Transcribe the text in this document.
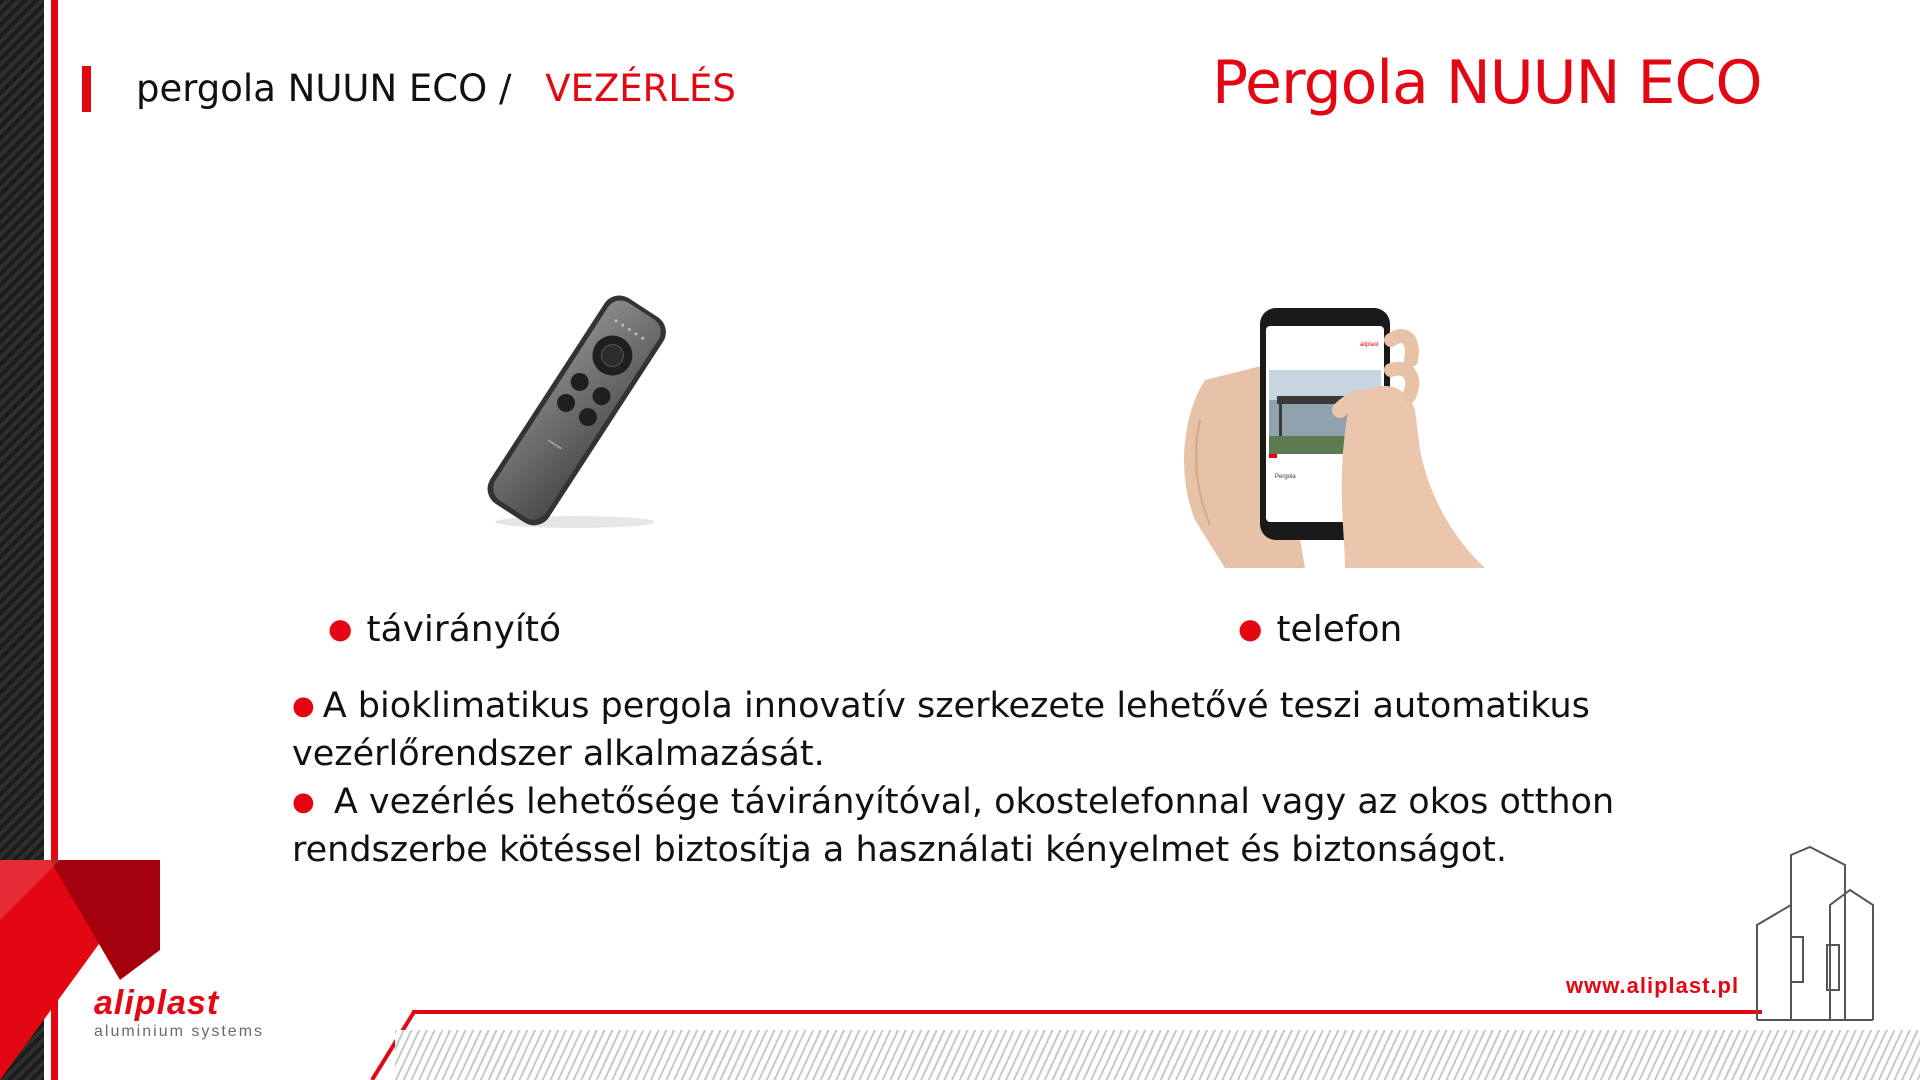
pergola NUUN ECO / VEZÉRLÉS	Pergola NUUN ECO
aliplast
Pergola
● távirányító	● telefon

● A bioklimatikus pergola innovatív szerkezete lehetővé teszi automatikus vezérlőrendszer alkalmazását.

● A vezérlés lehetősége távirányítóval, okostelefonnal vagy az okos otthon rendszerbe kötéssel biztosítja a használati kényelmet és biztonságot.

aliplast
aluminium systems
www.aliplast.pl
